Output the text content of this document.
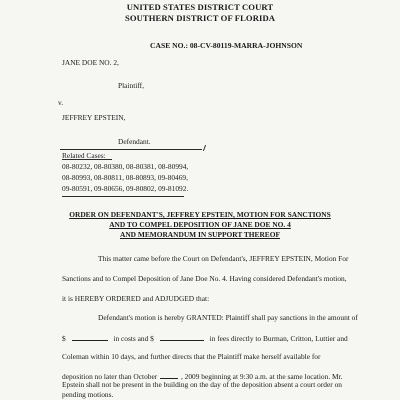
UNITED STATES DISTRICT COURT
SOUTHERN DISTRICT OF FLORIDA
CASE NO.: 08-CV-80119-MARRA-JOHNSON
JANE DOE NO. 2,
Plaintiff,
v.
JEFFREY EPSTEIN,
Defendant.
Related Cases:
08-80232, 08-80380, 08-80381, 08-80994,
08-80993, 08-80811, 08-80893, 09-80469,
09-80591, 09-80656, 09-80802, 09-81092.
ORDER ON DEFENDANT'S, JEFFREY EPSTEIN, MOTION FOR SANCTIONS
AND TO COMPEL DEPOSITION OF JANE DOE NO. 4
AND MEMORANDUM IN SUPPORT THEREOF
This matter came before the Court on Defendant's, JEFFREY EPSTEIN, Motion For
Sanctions and to Compel Deposition of Jane Doe No. 4. Having considered Defendant's motion,
it is HEREBY ORDERED and ADJUDGED that:
Defendant's motion is hereby GRANTED: Plaintiff shall pay sanctions in the amount of
$	in costs and $	in fees directly to Burman, Critton, Luttier and
Coleman within 10 days, and further directs that the Plaintiff make herself available for
deposition no later than October	, 2009 beginning at 9:30 a.m. at the same location. Mr.
Epstein shall not be present in the building on the day of the deposition absent a court order on
pending motions.
